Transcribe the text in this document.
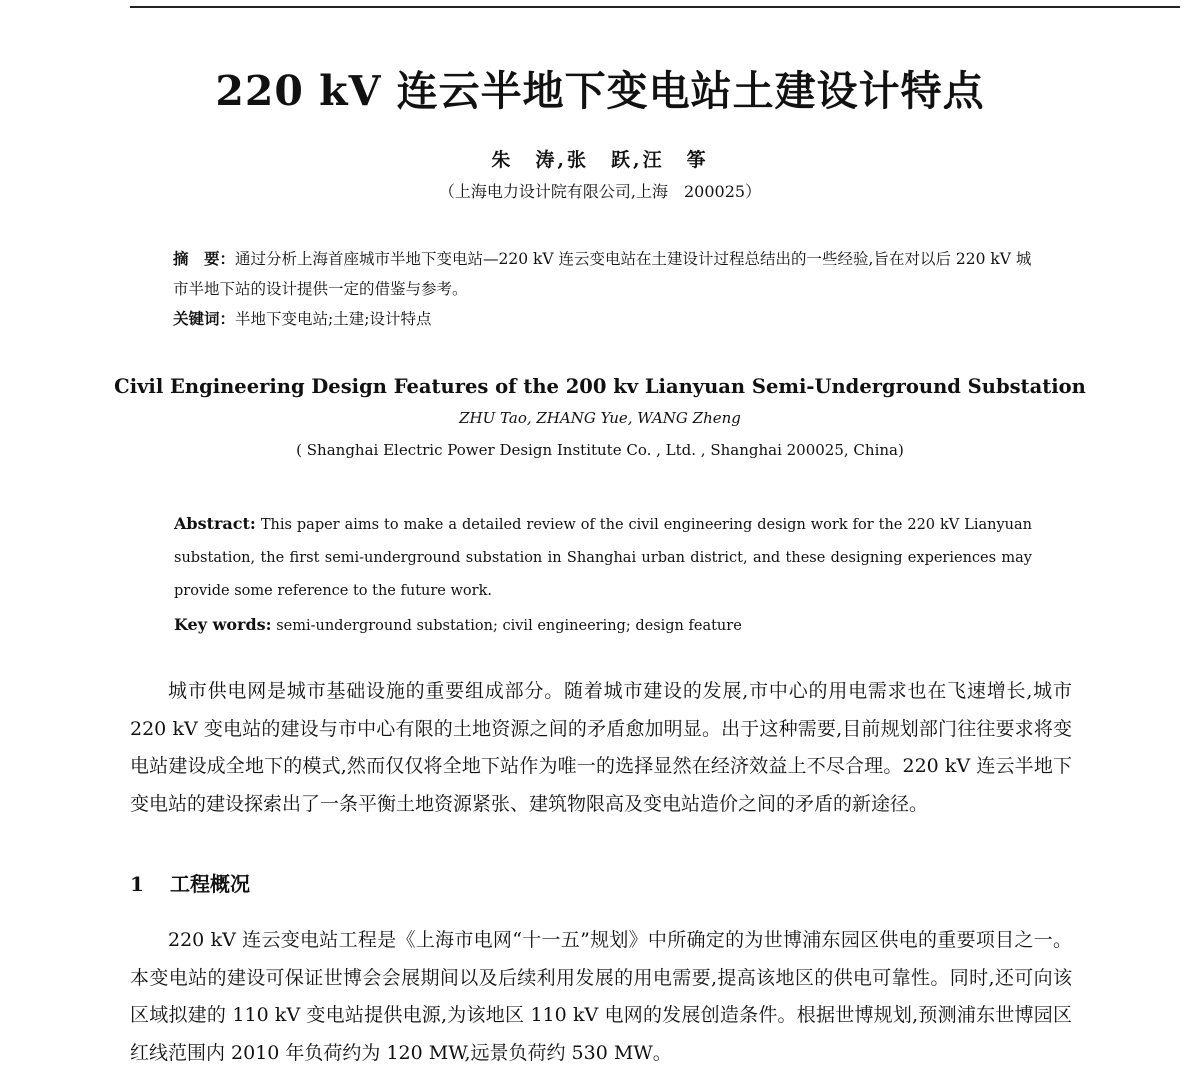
220 kV 连云半地下变电站土建设计特点
朱　涛,张　跃,汪　筝
（上海电力设计院有限公司,上海　200025）
摘　要：通过分析上海首座城市半地下变电站—220 kV 连云变电站在土建设计过程总结出的一些经验,旨在对以后 220 kV 城市半地下站的设计提供一定的借鉴与参考。
关键词：半地下变电站;土建;设计特点
Civil Engineering Design Features of the 200 kv Lianyuan Semi-Underground Substation
ZHU Tao, ZHANG Yue, WANG Zheng
( Shanghai Electric Power Design Institute Co. , Ltd. , Shanghai 200025, China)
Abstract: This paper aims to make a detailed review of the civil engineering design work for the 220 kV Lianyuan substation, the first semi-underground substation in Shanghai urban district, and these designing experiences may provide some reference to the future work.
Key words: semi-underground substation; civil engineering; design feature

城市供电网是城市基础设施的重要组成部分。随着城市建设的发展,市中心的用电需求也在飞速增长,城市 220 kV 变电站的建设与市中心有限的土地资源之间的矛盾愈加明显。出于这种需要,目前规划部门往往要求将变电站建设成全地下的模式,然而仅仅将全地下站作为唯一的选择显然在经济效益上不尽合理。220 kV 连云半地下变电站的建设探索出了一条平衡土地资源紧张、建筑物限高及变电站造价之间的矛盾的新途径。

1 工程概况

220 kV 连云变电站工程是《上海市电网“十一五”规划》中所确定的为世博浦东园区供电的重要项目之一。本变电站的建设可保证世博会会展期间以及后续利用发展的用电需要,提高该地区的供电可靠性。同时,还可向该区域拟建的 110 kV 变电站提供电源,为该地区 110 kV 电网的发展创造条件。根据世博规划,预测浦东世博园区红线范围内 2010 年负荷约为 120 MW,远景负荷约 530 MW。
